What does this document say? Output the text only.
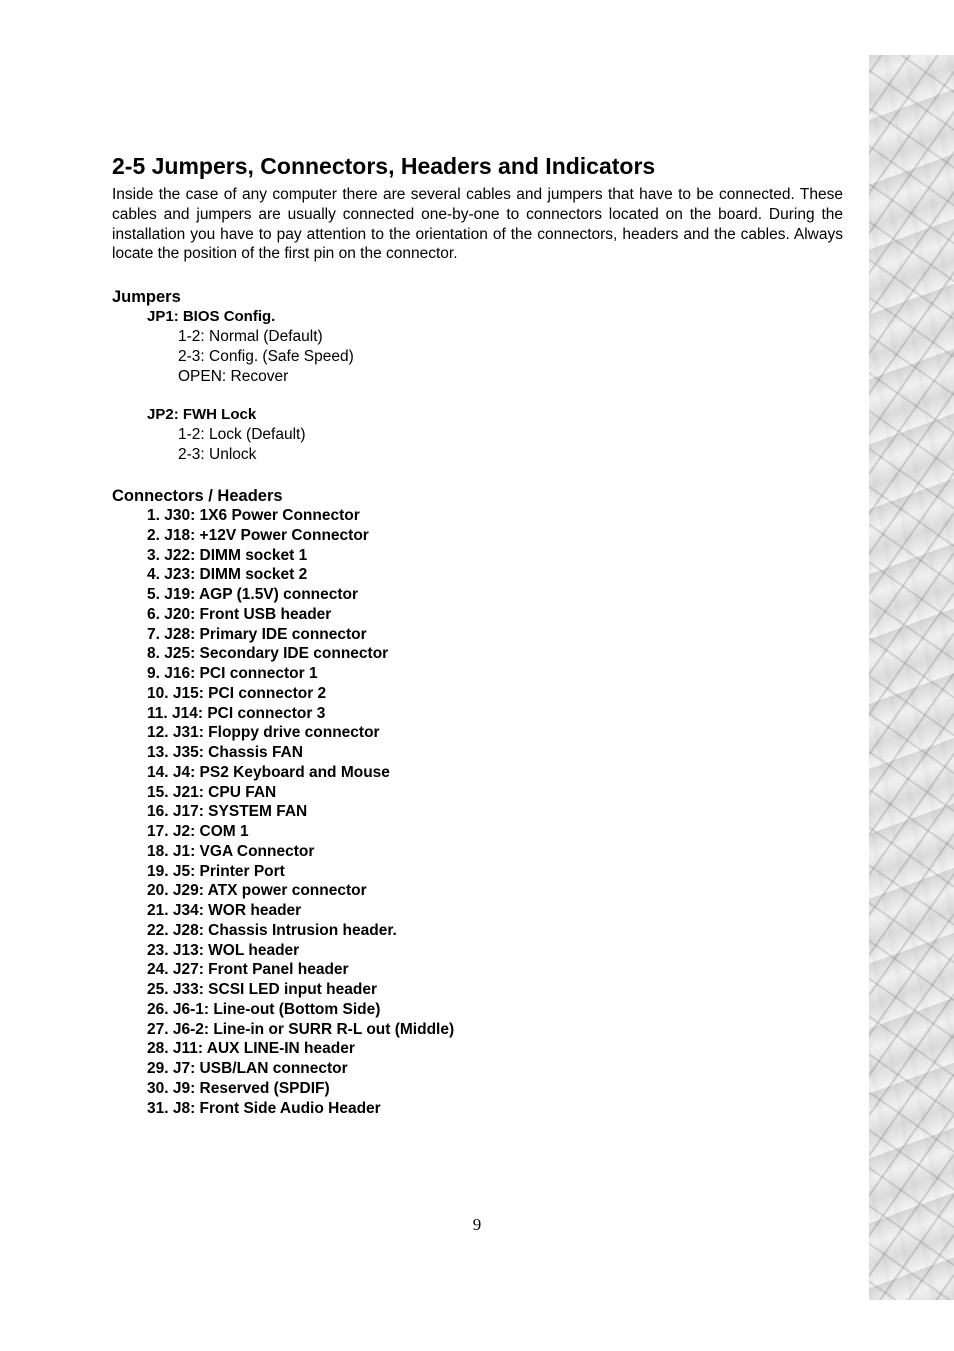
2-5 Jumpers, Connectors, Headers and Indicators

Inside the case of any computer there are several cables and jumpers that have to be connected. These cables and jumpers are usually connected one-by-one to connectors located on the board. During the installation you have to pay attention to the orientation of the connectors, headers and the cables. Always locate the position of the first pin on the connector.

Jumpers
JP1: BIOS Config.
1-2: Normal (Default)
2-3: Config. (Safe Speed)
OPEN: Recover
JP2: FWH Lock
1-2: Lock (Default)
2-3: Unlock
Connectors / Headers
1. J30: 1X6 Power Connector
2. J18: +12V Power Connector
3. J22: DIMM socket 1
4. J23: DIMM socket 2
5. J19: AGP (1.5V) connector
6. J20: Front USB header
7. J28: Primary IDE connector
8. J25: Secondary IDE connector
9. J16: PCI connector 1
10. J15: PCI connector 2
11. J14: PCI connector 3
12. J31: Floppy drive connector
13. J35: Chassis FAN
14. J4: PS2 Keyboard and Mouse
15. J21: CPU FAN
16. J17: SYSTEM FAN
17. J2: COM 1
18. J1: VGA Connector
19. J5: Printer Port
20. J29: ATX power connector
21. J34: WOR header
22. J28: Chassis Intrusion header.
23. J13: WOL header
24. J27: Front Panel header
25. J33: SCSI LED input header
26. J6-1: Line-out (Bottom Side)
27. J6-2: Line-in or SURR R-L out (Middle)
28. J11: AUX LINE-IN header
29. J7: USB/LAN connector
30. J9: Reserved (SPDIF)
31. J8: Front Side Audio Header
9
